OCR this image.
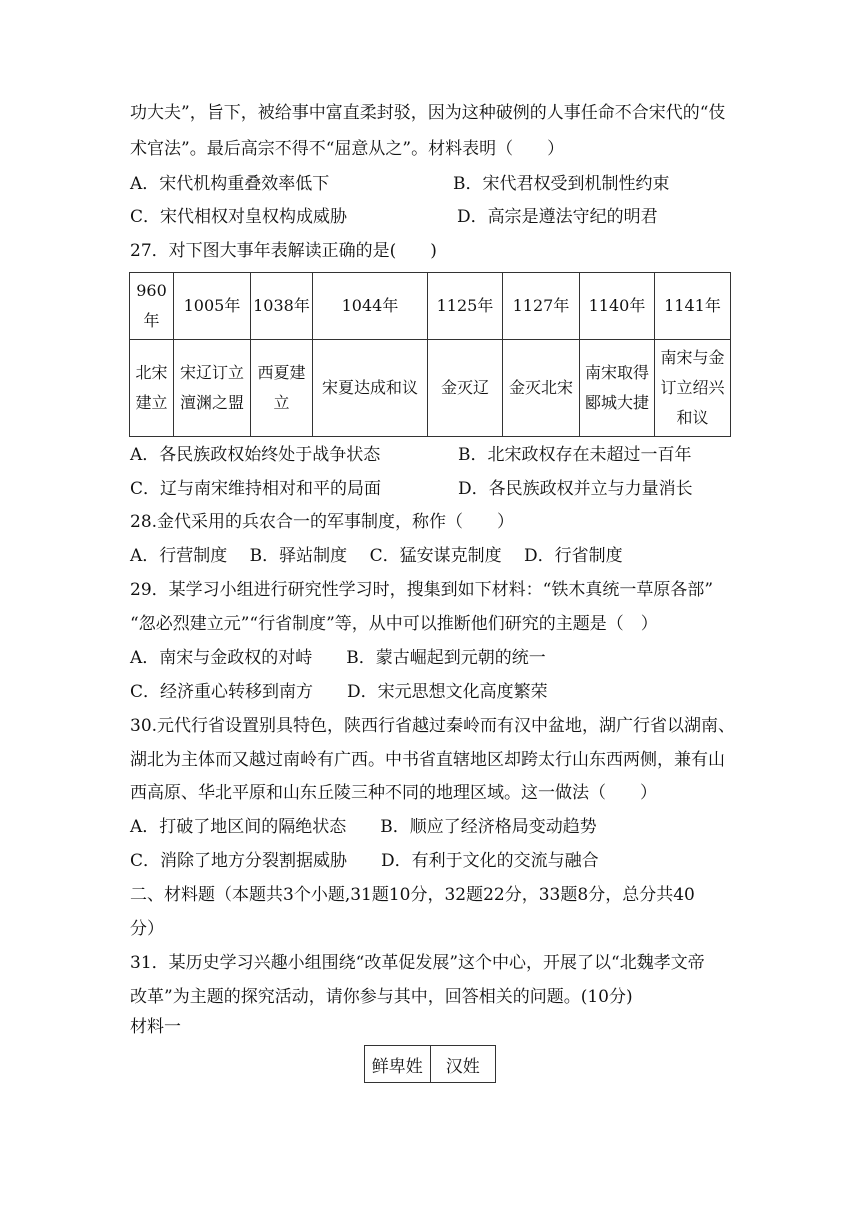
功大夫”，旨下，被给事中富直柔封驳，因为这种破例的人事任命不合宋代的“伎
术官法”。最后高宗不得不“屈意从之”。材料表明（　　）
A．宋代机构重叠效率低下	B．宋代君权受到机制性约束
C．宋代相权对皇权构成威胁	D．高宗是遵法守纪的明君
27．对下图大事年表解读正确的是(　　)
960年	1005年	1038年	1044年	1125年	1127年	1140年	1141年
北宋建立	宋辽订立澶渊之盟	西夏建立	宋夏达成和议	金灭辽	金灭北宋	南宋取得郾城大捷	南宋与金订立绍兴和议
A．各民族政权始终处于战争状态	B．北宋政权存在未超过一百年
C．辽与南宋维持相对和平的局面	D．各民族政权并立与力量消长
28.金代采用的兵农合一的军事制度，称作（　　）
A．行营制度　 B．驿站制度　 C．猛安谋克制度　 D．行省制度
29．某学习小组进行研究性学习时，搜集到如下材料：“铁木真统一草原各部”
“忽必烈建立元”“行省制度”等，从中可以推断他们研究的主题是（　）
A．南宋与金政权的对峙　　B．蒙古崛起到元朝的统一
C．经济重心转移到南方　　D．宋元思想文化高度繁荣
30.元代行省设置别具特色，陕西行省越过秦岭而有汉中盆地，湖广行省以湖南、
湖北为主体而又越过南岭有广西。中书省直辖地区却跨太行山东西两侧，兼有山
西高原、华北平原和山东丘陵三种不同的地理区域。这一做法（　　）
A．打破了地区间的隔绝状态　　B．顺应了经济格局变动趋势
C．消除了地方分裂割据威胁　　D．有利于文化的交流与融合
二、材料题（本题共3个小题,31题10分，32题22分，33题8分，总分共40
分）
31．某历史学习兴趣小组围绕“改革促发展”这个中心，开展了以“北魏孝文帝
改革”为主题的探究活动，请你参与其中，回答相关的问题。(10分)
材料一
鲜卑姓	汉姓
